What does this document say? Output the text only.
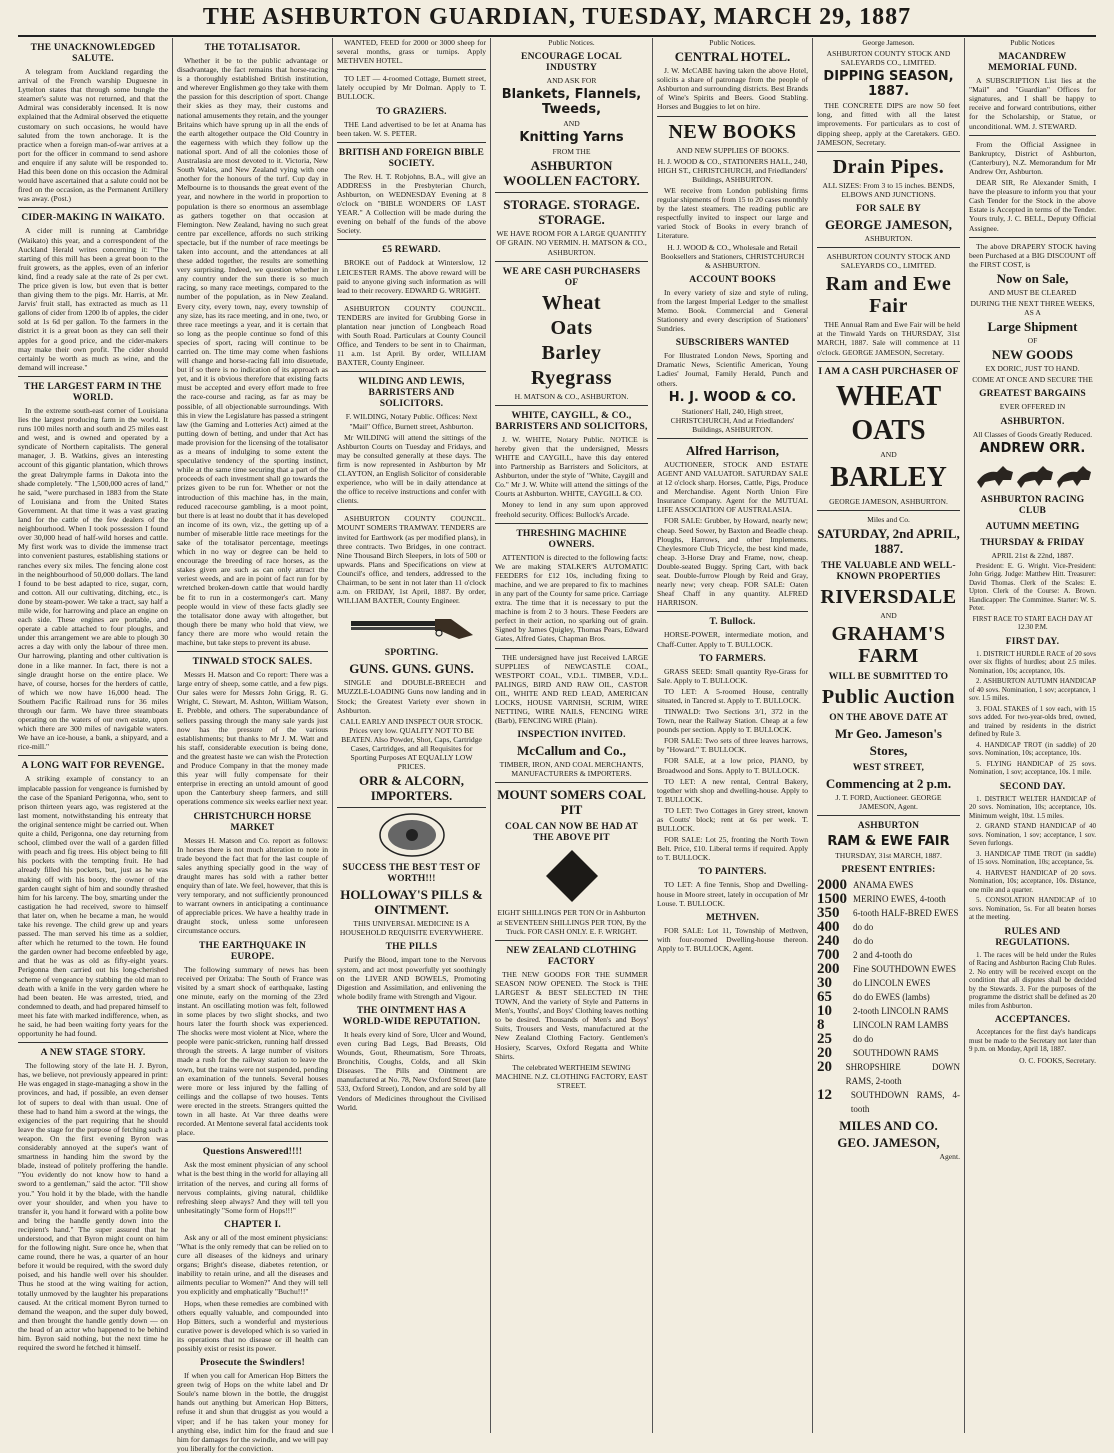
THE ASHBURTON GUARDIAN, TUESDAY, MARCH 29, 1887
THE UNACKNOWLEDGED SALUTE.

A telegram from Auckland regarding the arrival of the French warship Duguesne in Lyttelton states that through some bungle the steamer's salute was not returned, and that the Admiral was considerably incensed. It is now explained that the Admiral observed the etiquette customary on such occasions, he would have saluted from the town anchorage. It is the practice when a foreign man-of-war arrives at a port for the officer in command to send ashore and enquire if any salute will be responded to. Had this been done on this occasion the Admiral would have ascertained that a salute could not be fired on the occasion, as the Permanent Artillery was away. (Post.)

CIDER-MAKING IN WAIKATO.

A cider mill is running at Cambridge (Waikato) this year, and a correspondent of the Auckland Herald writes concerning it: "The starting of this mill has been a great boon to the fruit growers, as the apples, even of an inferior kind, find a ready sale at the rate of 2s per cwt. The price given is low, but even that is better than giving them to the pigs. Mr. Harris, at Mr. Jarvis' fruit stall, has extracted as much as 11 gallons of cider from 1200 lb of apples, the cider sold at 1s 6d per gallon. To the farmers in the district it is a great boon as they can sell their apples for a good price, and the cider-makers may make their own profit. The cider should certainly be worth as much as wine, and the demand will increase."

THE LARGEST FARM IN THE WORLD.

In the extreme south-east corner of Louisiana lies the largest producing farm in the world. It runs 100 miles north and south and 25 miles east and west, and is owned and operated by a syndicate of Northern capitalists. The general manager, J. B. Watkins, gives an interesting account of this gigantic plantation, which throws the great Dalrymple farms in Dakota into the shade completely. "The 1,500,000 acres of land," he said, "were purchased in 1883 from the State of Louisiana and from the United States Government. At that time it was a vast grazing land for the cattle of the few dealers of the neighbourhood. When I took possession I found over 30,000 head of half-wild horses and cattle. My first work was to divide the immense tract into convenient pastures, establishing stations or ranches every six miles. The fencing alone cost in the neighbourhood of 50,000 dollars. The land I found to be best adapted to rice, sugar, corn, and cotton. All our cultivating, ditching, etc., is done by steam-power. We take a tract, say half a mile wide, for harrowing and place an engine on each side. These engines are portable, and operate a cable attached to four ploughs, and under this arrangement we are able to plough 30 acres a day with only the labour of three men. Our harrowing, planting and other cultivation is done in a like manner. In fact, there is not a single draught horse on the entire place. We have, of course, horses for the herders of cattle, of which we now have 16,000 head. The Southern Pacific Railroad runs for 36 miles through our farm. We have three steamboats operating on the waters of our own estate, upon which there are 300 miles of navigable waters. We have an ice-house, a bank, a shipyard, and a rice-mill."

A LONG WAIT FOR REVENGE.

A striking example of constancy to an implacable passion for vengeance is furnished by the case of the Spaniard Perigonna, who, sent to prison thirteen years ago, was registered at the last moment, notwithstanding his entreaty that the original sentence might be carried out. When quite a child, Perigonna, one day returning from school, climbed over the wall of a garden filled with peach and fig trees. His object being to fill his pockets with the tempting fruit. He had already filled his pockets, but, just as he was making off with his booty, the owner of the garden caught sight of him and soundly thrashed him for his larceny. The boy, smarting under the castigation he had received, swore to himself that later on, when he became a man, he would take his revenge. The child grew up and years passed. The man served his time as a soldier, after which he returned to the town. He found the garden owner had become enfeebled by age, and that he was as old as fifty-eight years. Perigonna then carried out his long-cherished scheme of vengeance by stabbing the old man to death with a knife in the very garden where he had been beaten. He was arrested, tried, and condemned to death, and had prepared himself to meet his fate with marked indifference, when, as he said, he had been waiting forty years for the opportunity he had found.

A NEW STAGE STORY.

The following story of the late H. J. Byron, has, we believe, not previously appeared in print: He was engaged in stage-managing a show in the provinces, and had, if possible, an even denser lot of supers to deal with than usual. One of these had to hand him a sword at the wings, the exigencies of the part requiring that he should leave the stage for the purpose of fetching such a weapon. On the first evening Byron was considerably annoyed at the super's want of smartness in handing him the sword by the blade, instead of politely proffering the handle. "You evidently do not know how to hand a sword to a gentleman," said the actor. "I'll show you." You hold it by the blade, with the handle over your shoulder, and when you have to transfer it, you hand it forward with a polite bow and bring the handle gently down into the recipient's hand." The super assured that he understood, and that Byron might count on him for the following night. Sure once he, when that came round, there he was, a quarter of an hour before it would be required, with the sword duly poised, and his handle well over his shoulder. Thus he stood at the wing waiting for action, totally unmoved by the laughter his preparations caused. At the critical moment Byron turned to demand the weapon, and the super duly bowed, and then brought the handle gently down — on the head of an actor who happened to be behind him. Byron said nothing, but the next time he required the sword he fetched it himself.

THE TOTALISATOR.

Whether it be to the public advantage or disadvantage, the fact remains that horse-racing is a thoroughly established British institution, and wherever Englishmen go they take with them the passion for this description of sport. Change their skies as they may, their customs and national amusements they retain, and the younger Britains which have sprung up in all the ends of the earth altogether outpace the Old Country in the eagerness with which they follow up the national sport. And of all the colonies those of Australasia are most devoted to it. Victoria, New South Wales, and New Zealand vying with one another for the honours of the turf. Cup day in Melbourne is to thousands the great event of the year, and nowhere in the world in proportion to population is there so enormous an assemblage as gathers together on that occasion at Flemington. New Zealand, having no such great centre par excellence, affords no such striking spectacle, but if the number of race meetings be taken into account, and the attendances at all these added together, the results are something very surprising. Indeed, we question whether in any country under the sun there is so much racing, so many race meetings, compared to the number of the population, as in New Zealand. Every city, every town, nay, every township of any size, has its race meeting, and in one, two, or three race meetings a year, and it is certain that so long as the people continue so fond of this species of sport, racing will continue to be carried on. The time may come when fashions will change and horse-racing fall into disuetude, but if so there is no indication of its approach as yet, and it is obvious therefore that existing facts must be accepted and every effort made to free the race-course and racing, as far as may be possible, of all objectionable surroundings. With this in view the Legislature has passed a stringent law (the Gaming and Lotteries Act) aimed at the putting down of betting, and under that Act has made provision for the licensing of the totalisator as a means of indulging to some extent the speculative tendency of the sporting instinct, while at the same time securing that a part of the proceeds of each investment shall go towards the prizes given to be run for. Whether or not the introduction of this machine has, in the main, reduced racecourse gambling, is a moot point, but there is at least no doubt that it has developed an income of its own, viz., the getting up of a number of miserable little race meetings for the sake of the totalisator percentage, meetings which in no way or degree can be held to encourage the breeding of race horses, as the stakes given are such as can only attract the veriest weeds, and are in point of fact run for by wretched broken-down cattle that would hardly be fit to run in a costermonger's cart. Many people would in view of these facts gladly see the totalisator done away with altogether, but though there be many who hold that view, we fancy there are more who would retain the machine, but take steps to prevent its abuse.

TINWALD STOCK SALES.

Messrs H. Matson and Co report: There was a large entry of sheep, some cattle, and a few pigs. Our sales were for Messrs John Grigg, R. G. Wright, C. Stewart, M. Ashton, William Watson, E. Prebble, and others. The superabundance of sellers passing through the many sale yards just now has the pressure of the various establishments; but thanks to Mr J. M. Watt and his staff, considerable execution is being done, and the greatest haste we can wish the Protection and Produce Company in that the money made this year will fully compensate for their enterprise in erecting an untold amount of good upon the Canterbury sheep farmers, and still operations commence six weeks earlier next year.

CHRISTCHURCH HORSE MARKET

Messrs H. Matson and Co. report as follows: In horses there is not much alteration to note in trade beyond the fact that for the last couple of sales anything specially good in the way of draught mares has sold with a rather better enquiry than of late. We feel, however, that this is very temporary, and not sufficiently pronounced to warrant owners in anticipating a continuance of appreciable prices. We have a healthy trade in draught stock, unless some unforeseen circumstance occurs.

THE EARTHQUAKE IN EUROPE.

The following summary of news has been received per Orizaba: The South of France was visited by a smart shock of earthquake, lasting one minute, early on the morning of the 23rd instant. An oscillating motion was felt, followed in some places by two slight shocks, and two hours later the fourth shock was experienced. The shocks were most violent at Nice, where the people were panic-stricken, running half dressed through the streets. A large number of visitors made a rush for the railway station to leave the town, but the trains were not suspended, pending an examination of the tunnels. Several houses were more or less injured by the falling of ceilings and the collapse of two houses. Tents were erected in the streets. Strangers quitted the town in all haste. At Var three deaths were recorded. At Mentone several fatal accidents took place.

Questions Answered!!!!

Ask the most eminent physician of any school what is the best thing in the world for allaying all irritation of the nerves, and curing all forms of nervous complaints, giving natural, childlike refreshing sleep always? And they will tell you unhesitatingly "Some form of Hops!!!"

CHAPTER I.

Ask any or all of the most eminent physicians: "What is the only remedy that can be relied on to cure all diseases of the kidneys and urinary organs; Bright's disease, diabetes retention, or inability to retain urine, and all the diseases and ailments peculiar to Women?" And they will tell you explicitly and emphatically "Buchu!!!"

Hops, when these remedies are combined with others equally valuable, and compounded into Hop Bitters, such a wonderful and mysterious curative power is developed which is so varied in its operations that no disease or ill health can possibly exist or resist its power.

Prosecute the Swindlers!

If when you call for American Hop Bitters the green twig of Hops on the white label and Dr Soule's name blown in the bottle, the druggist hands out anything but American Hop Bitters, refuse it and shun that druggist as you would a viper; and if he has taken your money for anything else, indict him for the fraud and sue him for damages for the swindle, and we will pay you liberally for the conviction.

WANTED, FEED for 2000 or 3000 sheep for several months, grass or turnips. Apply METHVEN HOTEL.

TO LET — 4-roomed Cottage, Burnett street, lately occupied by Mr Dolman. Apply to T. BULLOCK.

TO GRAZIERS.

THE Land advertised to be let at Anama has been taken. W. S. PETER.

BRITISH AND FOREIGN BIBLE SOCIETY.

The Rev. H. T. Robjohns, B.A., will give an ADDRESS in the Presbyterian Church, Ashburton, on WEDNESDAY Evening at 8 o'clock on "BIBLE WONDERS OF LAST YEAR." A Collection will be made during the evening on behalf of the funds of the above Society.

£5 REWARD.

BROKE out of Paddock at Winterslow, 12 LEICESTER RAMS. The above reward will be paid to anyone giving such information as will lead to their recovery. EDWARD G. WRIGHT.

ASHBURTON COUNTY COUNCIL. TENDERS are invited for Grubbing Gorse in plantation near junction of Longbeach Road with South Road. Particulars at County Council Office, and Tenders to be sent in to Chairman, 11 a.m. 1st April. By order, WILLIAM BAXTER, County Engineer.

WILDING AND LEWIS, BARRISTERS AND SOLICITORS.

F. WILDING, Notary Public. Offices: Next "Mail" Office, Burnett street, Ashburton.

Mr WILDING will attend the sittings of the Ashburton Courts on Tuesday and Fridays, and may be consulted generally at these days. The firm is now represented in Ashburton by Mr CLAYTON, an English Solicitor of considerable experience, who will be in daily attendance at the office to receive instructions and confer with clients.

ASHBURTON COUNTY COUNCIL. MOUNT SOMERS TRAMWAY. TENDERS are invited for Earthwork (as per modified plans), in three contracts. Two Bridges, in one contract. Nine Thousand Birch Sleepers, in lots of 500 or upwards. Plans and Specifications on view at Council's office, and tenders, addressed to the Chairman, to be sent in not later than 11 o'clock a.m. on FRIDAY, 1st April, 1887. By order, WILLIAM BAXTER, County Engineer.

SPORTING.
GUNS. GUNS. GUNS.

SINGLE and DOUBLE-BREECH and MUZZLE-LOADING Guns now landing and in Stock; the Greatest Variety ever shown in Ashburton.

CALL EARLY AND INSPECT OUR STOCK. Prices very low. QUALITY NOT TO BE BEATEN. Also Powder, Shot, Caps, Cartridge Cases, Cartridges, and all Requisites for Sporting Purposes AT EQUALLY LOW PRICES.

ORR & ALCORN, IMPORTERS.
SUCCESS THE BEST TEST OF WORTH!!!
HOLLOWAY'S PILLS & OINTMENT.

THIS UNIVERSAL MEDICINE IS A HOUSEHOLD REQUISITE EVERYWHERE.

THE PILLS

Purify the Blood, impart tone to the Nervous system, and act most powerfully yet soothingly on the LIVER AND BOWELS, Promoting Digestion and Assimilation, and enlivening the whole bodily frame with Strength and Vigour.

THE OINTMENT HAS A WORLD-WIDE REPUTATION.

It heals every kind of Sore, Ulcer and Wound, even curing Bad Legs, Bad Breasts, Old Wounds, Gout, Rheumatism, Sore Throats, Bronchitis, Coughs, Colds, and all Skin Diseases. The Pills and Ointment are manufactured at No. 78, New Oxford Street (late 533, Oxford Street), London, and are sold by all Vendors of Medicines throughout the Civilised World.

Public Notices.
ENCOURAGE LOCAL INDUSTRY
AND ASK FOR
Blankets, Flannels, Tweeds,
AND
Knitting Yarns
FROM THE
ASHBURTON WOOLLEN FACTORY.
STORAGE. STORAGE. STORAGE.

WE HAVE ROOM FOR A LARGE QUANTITY OF GRAIN. NO VERMIN. H. MATSON & CO., ASHBURTON.

WE ARE CASH PURCHASERS OF
Wheat
Oats
Barley
Ryegrass

H. MATSON & CO., ASHBURTON.

WHITE, CAYGILL, & CO., BARRISTERS AND SOLICITORS,

J. W. WHITE, Notary Public. NOTICE is hereby given that the undersigned, Messrs WHITE and CAYGILL, have this day entered into Partnership as Barristers and Solicitors, at Ashburton, under the style of "White, Caygill and Co." Mr J. W. White will attend the sittings of the Courts at Ashburton. WHITE, CAYGILL & CO.

Money to lend in any sum upon approved freehold security. Offices: Bullock's Arcade.

THRESHING MACHINE OWNERS.

ATTENTION is directed to the following facts: We are making STALKER'S AUTOMATIC FEEDERS for £12 10s, including fixing to machine, and we are prepared to fix to machines in any part of the County for same price. Carriage extra. The time that it is necessary to put the machine is from 2 to 3 hours. These Feeders are perfect in their action, no sparking out of grain. Signed by James Quigley, Thomas Pears, Edward Gates, Alfred Gates, Chapman Bros.

THE undersigned have just Received LARGE SUPPLIES of NEWCASTLE COAL, WESTPORT COAL, V.D.L. TIMBER, V.D.L. PALINGS, BIRD AND RAW OIL, CASTOR OIL, WHITE AND RED LEAD, AMERICAN LOCKS, HOUSE VARNISH, SCRIM, WIRE NETTING, WIRE NAILS, FENCING WIRE (Barb), FENCING WIRE (Plain).

INSPECTION INVITED.
McCallum and Co.,

TIMBER, IRON, AND COAL MERCHANTS, MANUFACTURERS & IMPORTERS.

MOUNT SOMERS COAL PIT
COAL CAN NOW BE HAD AT THE ABOVE PIT

EIGHT SHILLINGS PER TON Or in Ashburton at SEVENTEEN SHILLINGS PER TON, By the Truck. FOR CASH ONLY. E. F. WRIGHT.

NEW ZEALAND CLOTHING FACTORY

THE NEW GOODS FOR THE SUMMER SEASON NOW OPENED. The Stock is THE LARGEST & BEST SELECTED IN THE TOWN, And the variety of Style and Patterns in Men's, Youths', and Boys' Clothing leaves nothing to be desired. Thousands of Men's and Boys' Suits, Trousers and Vests, manufactured at the New Zealand Clothing Factory. Gentlemen's Hosiery, Scarves, Oxford Regatta and White Shirts.

The celebrated WERTHEIM SEWING MACHINE. N.Z. CLOTHING FACTORY, EAST STREET.

Public Notices.
CENTRAL HOTEL.

J. W. McCABE having taken the above Hotel, solicits a share of patronage from the people of Ashburton and surrounding districts. Best Brands of Wine's Spirits and Beers. Good Stabling. Horses and Buggies to let on hire.

NEW BOOKS
AND NEW SUPPLIES OF BOOKS.

H. J. WOOD & CO., STATIONERS HALL, 240, HIGH ST., CHRISTCHURCH, and Friedlanders' Buildings, ASHBURTON.

WE receive from London publishing firms regular shipments of from 15 to 20 cases monthly by the latest steamers. The reading public are respectfully invited to inspect our large and varied Stock of Books in every branch of Literature.

H. J. WOOD & CO., Wholesale and Retail Booksellers and Stationers, CHRISTCHURCH & ASHBURTON.

ACCOUNT BOOKS

In every variety of size and style of ruling, from the largest Imperial Ledger to the smallest Memo. Book. Commercial and General Stationery and every description of Stationers' Sundries.

SUBSCRIBERS WANTED

For Illustrated London News, Sporting and Dramatic News, Scientific American, Young Ladies' Journal, Family Herald, Punch and others.

H. J. WOOD & CO.

Stationers' Hall, 240, High street, CHRISTCHURCH, And at Friedlanders' Buildings, ASHBURTON.

Alfred Harrison,

AUCTIONEER, STOCK AND ESTATE AGENT AND VALUATOR. SATURDAY SALE at 12 o'clock sharp. Horses, Cattle, Pigs, Produce and Merchandise. Agent North Union Fire Insurance Company. Agent for the MUTUAL LIFE ASSOCIATION OF AUSTRALASIA.

FOR SALE: Grubber, by Howard, nearly new; cheap. Seed Sower, by Baxton and Beadle cheap. Ploughs, Harrows, and other Implements. Cheylesmore Club Tricycle, the best kind made, cheap. 3-Horse Dray and Frame, now, cheap. Double-seated Buggy. Spring Cart, with back seat. Double-furrow Plough by Reid and Gray, nearly new; very cheap. FOR SALE: Oaten Sheaf Chaff in any quantity. ALFRED HARRISON.

T. Bullock.

HORSE-POWER, intermediate motion, and Chaff-Cutter. Apply to T. BULLOCK.

TO FARMERS.

GRASS SEED: Small quantity Rye-Grass for Sale. Apply to T. BULLOCK.

TO LET: A 5-roomed House, centrally situated, in Tancred st. Apply to T. BULLOCK.

TINWALD: Two Sections 3/1, 372 in the Town, near the Railway Station. Cheap at a few pounds per section. Apply to T. BULLOCK.

FOR SALE: Two sets of three leaves harrows, by "Howard." T. BULLOCK.

FOR SALE, at a low price, PIANO, by Broadwood and Sons. Apply to T. BULLOCK.

TO LET: A new rental, Central Bakery, together with shop and dwelling-house. Apply to T. BULLOCK.

TO LET: Two Cottages in Grey street, known as Coutts' block; rent at 6s per week. T. BULLOCK.

FOR SALE: Lot 25, fronting the North Town Belt. Price, £10. Liberal terms if required. Apply to T. BULLOCK.

TO PAINTERS.

TO LET: A fine Tennis, Shop and Dwelling-house in Moore street, lately in occupation of Mr Louse. T. BULLOCK.

METHVEN.

FOR SALE: Lot 11, Township of Methven, with four-roomed Dwelling-house thereon. Apply to T. BULLOCK, Agent.

George Jameson.

ASHBURTON COUNTY STOCK AND SALEYARDS CO., LIMITED.

DIPPING SEASON, 1887.

THE CONCRETE DIPS are now 50 feet long, and fitted with all the latest improvements. For particulars as to cost of dipping sheep, apply at the Caretakers. GEO. JAMESON, Secretary.

Drain Pipes.

ALL SIZES: From 3 to 15 inches. BENDS, ELBOWS AND JUNCTIONS.

FOR SALE BY
GEORGE JAMESON,
ASHBURTON.

ASHBURTON COUNTY STOCK AND SALEYARDS CO., LIMITED.

Ram and Ewe Fair

THE Annual Ram and Ewe Fair will be held at the Tinwald Yards on THURSDAY, 31st MARCH, 1887. Sale will commence at 11 o'clock. GEORGE JAMESON, Secretary.

I AM A CASH PURCHASER OF
WHEAT
OATS
AND
BARLEY

GEORGE JAMESON, ASHBURTON.

Miles and Co.
SATURDAY, 2nd APRIL, 1887.
THE VALUABLE AND WELL-KNOWN PROPERTIES
RIVERSDALE
AND
GRAHAM'S FARM
WILL BE SUBMITTED TO
Public Auction
ON THE ABOVE DATE AT
Mr Geo. Jameson's
Stores,
WEST STREET,
Commencing at 2 p.m.

J. T. FORD, Auctioneer. GEORGE JAMESON, Agent.

ASHBURTON
RAM & EWE FAIR

THURSDAY, 31st MARCH, 1887.

PRESENT ENTRIES:
2000 ANAMA EWES
1500 MERINO EWES, 4-tooth
350	6-tooth HALF-BRED EWES
400	do do
240	do do
700	2 and 4-tooth do
200	Fine SOUTHDOWN EWES
30	do LINCOLN EWES
65	do do EWES (lambs)
10	2-tooth LINCOLN RAMS
8	LINCOLN RAM LAMBS
25	do do
20	SOUTHDOWN RAMS
20	SHROPSHIRE DOWN RAMS, 2-tooth
12	SOUTHDOWN RAMS, 4-tooth
MILES AND CO.
GEO. JAMESON,
Agent.
Public Notices
MACANDREW MEMORIAL FUND.

A SUBSCRIPTION List lies at the "Mail" and "Guardian" Offices for signatures, and I shall be happy to receive and forward contributions, either for the Scholarship, or Statue, or unconditional. WM. J. STEWARD.

From the Official Assignee in Bankruptcy, District of Ashburton, (Canterbury), N.Z. Memorandum for Mr Andrew Orr, Ashburton.

DEAR SIR, Re Alexander Smith, I have the pleasure to inform you that your Cash Tender for the Stock in the above Estate is Accepted in terms of the Tender. Yours truly, J. C. BELL, Deputy Official Assignee.

The above DRAPERY STOCK having been Purchased at a BIG DISCOUNT off the FIRST COST, is

Now on Sale,

AND MUST BE CLEARED

DURING THE NEXT THREE WEEKS, AS A

Large Shipment
OF
NEW GOODS

EX DORIC, JUST TO HAND.

COME AT ONCE AND SECURE THE

GREATEST BARGAINS

EVER OFFERED IN

ASHBURTON.

All Classes of Goods Greatly Reduced.

ANDREW ORR.
ASHBURTON RACING CLUB
AUTUMN MEETING
THURSDAY & FRIDAY

APRIL 21st & 22nd, 1887.

President: E. G. Wright. Vice-President: John Grigg. Judge: Matthew Hitt. Treasurer: David Thomas. Clerk of the Scales: E. Upton. Clerk of the Course: A. Brown. Handicapper: The Committee. Starter: W. S. Peter.

FIRST RACE TO START EACH DAY AT 12.30 P.M.

FIRST DAY.

1. DISTRICT HURDLE RACE of 20 sovs over six flights of hurdles; about 2.5 miles. Nomination, 10s; acceptance, 10s.

2. ASHBURTON AUTUMN HANDICAP of 40 sovs. Nomination, 1 sov; acceptance, 1 sov. 1.5 miles.

3. FOAL STAKES of 1 sov each, with 15 sovs added. For two-year-olds bred, owned, and trained by residents in the district defined by Rule 3.

4. HANDICAP TROT (in saddle) of 20 sovs. Nomination, 10s; acceptance, 10s.

5. FLYING HANDICAP of 25 sovs. Nomination, 1 sov; acceptance, 10s. 1 mile.

SECOND DAY.

1. DISTRICT WELTER HANDICAP of 20 sovs. Nomination, 10s; acceptance, 10s. Minimum weight, 10st. 1.5 miles.

2. GRAND STAND HANDICAP of 40 sovs. Nomination, 1 sov; acceptance, 1 sov. Seven furlongs.

3. HANDICAP TIME TROT (in saddle) of 15 sovs. Nomination, 10s; acceptance, 5s.

4. HARVEST HANDICAP of 20 sovs. Nomination, 10s; acceptance, 10s. Distance, one mile and a quarter.

5. CONSOLATION HANDICAP of 10 sovs. Nomination, 5s. For all beaten horses at the meeting.

RULES AND REGULATIONS.

1. The races will be held under the Rules of Racing and Ashburton Racing Club Rules. 2. No entry will be received except on the condition that all disputes shall be decided by the Stewards. 3. For the purposes of the programme the district shall be defined as 20 miles from Ashburton.

ACCEPTANCES.

Acceptances for the first day's handicaps must be made to the Secretary not later than 9 p.m. on Monday, April 18, 1887.

O. C. FOOKS, Secretary.
